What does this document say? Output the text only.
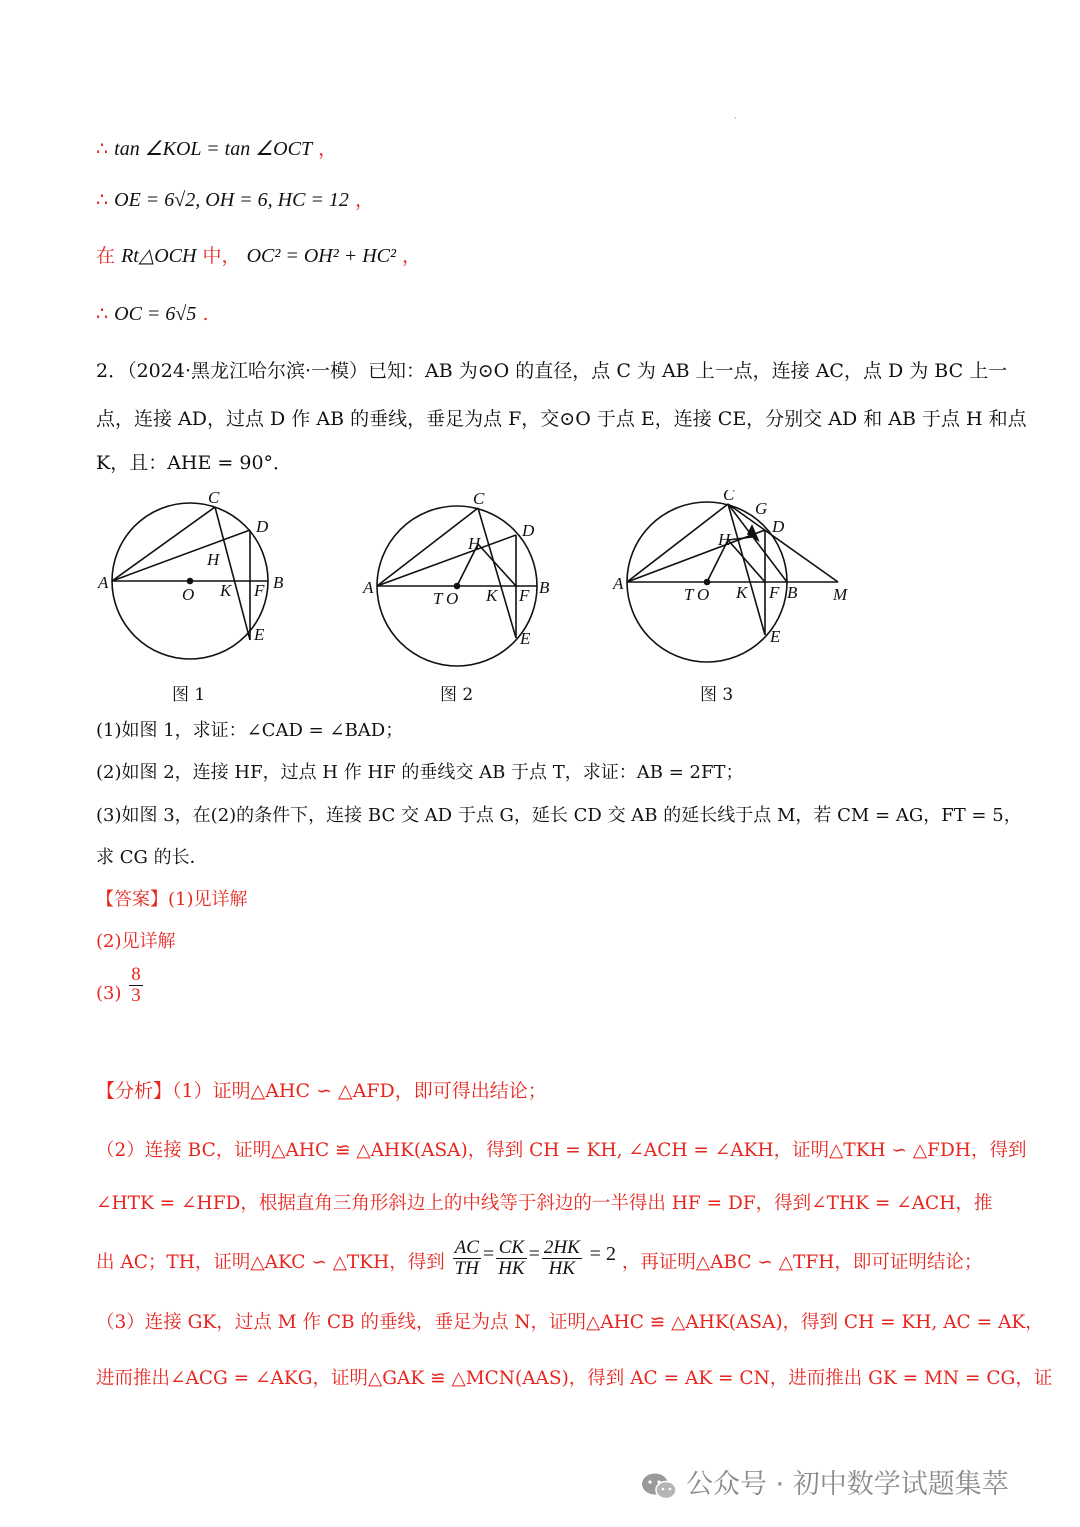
·
∴ tan ∠KOL = tan ∠OCT ，
∴ OE = 6√2, OH = 6, HC = 12 ，
在 Rt△OCH 中， OC² = OH² + HC² ，
∴ OC = 6√5 .
2．（2024·黑龙江哈尔滨·一模）已知：AB 为⊙O 的直径，点 C 为 AB 上一点，连接 AC，点 D 为 BC 上一
点，连接 AD，过点 D 作 AB 的垂线，垂足为点 F，交⊙O 于点 E，连接 CE，分别交 AD 和 AB 于点 H 和点
K，且：AHE = 90°．
A
C
D
H
O K F B
E
A
C
D
H
T O K F B
E
A
C
G
D
H
T O K F B M
E
图 1	图 2	图 3
(1)如图 1，求证：∠CAD = ∠BAD；
(2)如图 2，连接 HF，过点 H 作 HF 的垂线交 AB 于点 T，求证：AB = 2FT；
(3)如图 3，在(2)的条件下，连接 BC 交 AD 于点 G，延长 CD 交 AB 的延长线于点 M，若 CM = AG，FT = 5，
求 CG 的长．
【答案】(1)见详解
(2)见详解
$(3) \frac{8}{3}$
【分析】（1）证明△AHC ∽ △AFD，即可得出结论；
（2）连接 BC，证明△AHC ≌ △AHK(ASA)，得到 CH = KH, ∠ACH = ∠AKH，证明△TKH ∽ △FDH，得到
∠HTK = ∠HFD，根据直角三角形斜边上的中线等于斜边的一半得出 HF = DF，得到∠THK = ∠ACH，推
出 AC；TH，证明△AKC ∽ △TKH，得到 $\frac{AC}{TH} = \frac{CK}{HK} = \frac{2HK}{HK} = 2$ ，再证明△ABC ∽ △TFH，即可证明结论；
（3）连接 GK，过点 M 作 CB 的垂线，垂足为点 N，证明△AHC ≌ △AHK(ASA)，得到 CH = KH, AC = AK，
进而推出∠ACG = ∠AKG，证明△GAK ≌ △MCN(AAS)，得到 AC = AK = CN，进而推出 GK = MN = CG，证
公众号 · 初中数学试题集萃
